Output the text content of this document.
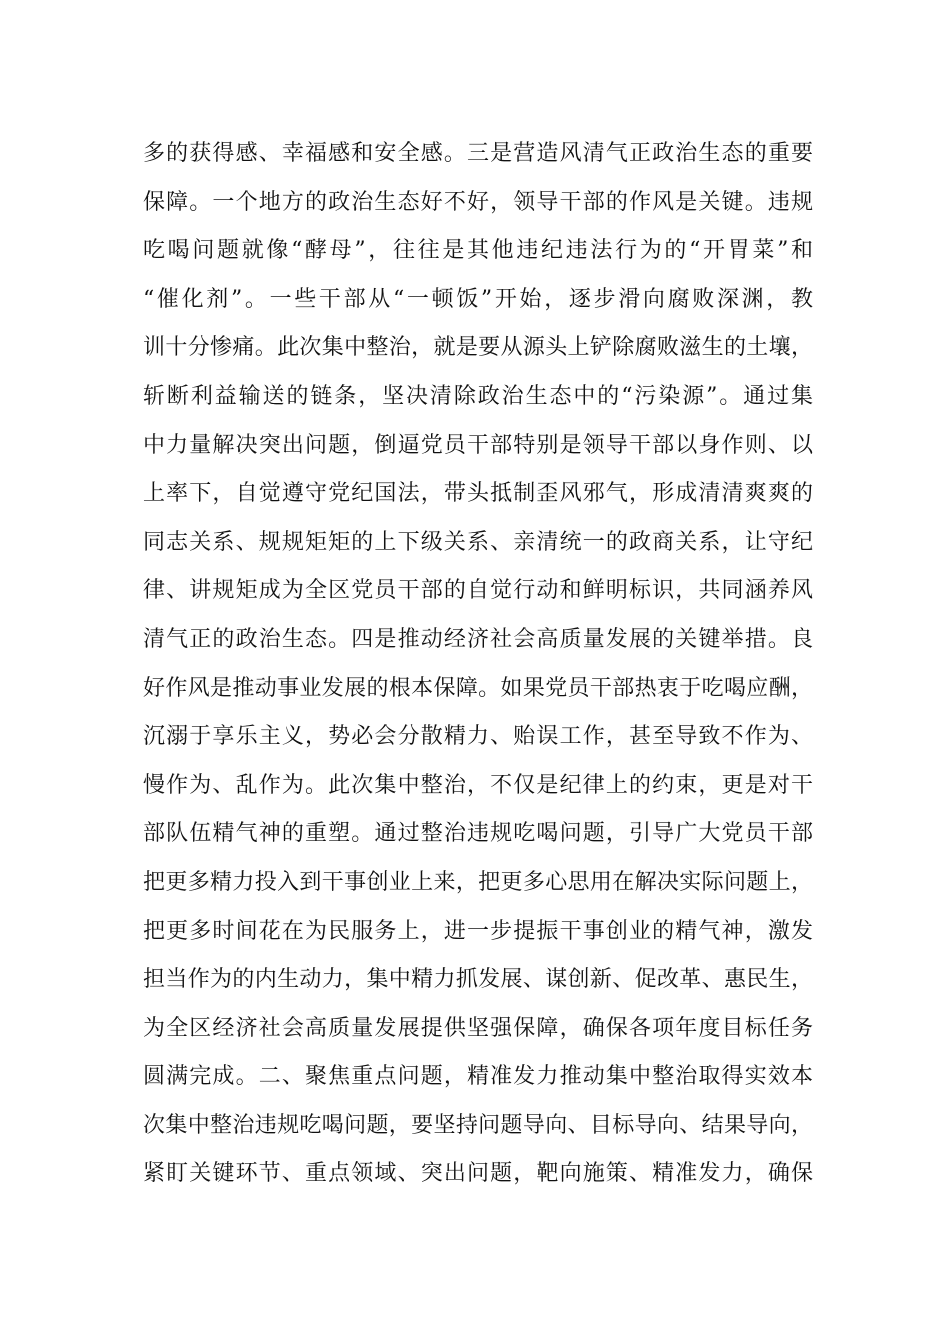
多的获得感、幸福感和安全感。三是营造风清气正政治生态的重要
保障。一个地方的政治生态好不好，领导干部的作风是关键。违规
吃喝问题就像“酵母”，往往是其他违纪违法行为的“开胃菜”和
“催化剂”。一些干部从“一顿饭”开始，逐步滑向腐败深渊，教
训十分惨痛。此次集中整治，就是要从源头上铲除腐败滋生的土壤，
斩断利益输送的链条，坚决清除政治生态中的“污染源”。通过集
中力量解决突出问题，倒逼党员干部特别是领导干部以身作则、以
上率下，自觉遵守党纪国法，带头抵制歪风邪气，形成清清爽爽的
同志关系、规规矩矩的上下级关系、亲清统一的政商关系，让守纪
律、讲规矩成为全区党员干部的自觉行动和鲜明标识，共同涵养风
清气正的政治生态。四是推动经济社会高质量发展的关键举措。良
好作风是推动事业发展的根本保障。如果党员干部热衷于吃喝应酬，
沉溺于享乐主义，势必会分散精力、贻误工作，甚至导致不作为、
慢作为、乱作为。此次集中整治，不仅是纪律上的约束，更是对干
部队伍精气神的重塑。通过整治违规吃喝问题，引导广大党员干部
把更多精力投入到干事创业上来，把更多心思用在解决实际问题上，
把更多时间花在为民服务上，进一步提振干事创业的精气神，激发
担当作为的内生动力，集中精力抓发展、谋创新、促改革、惠民生，
为全区经济社会高质量发展提供坚强保障，确保各项年度目标任务
圆满完成。二、聚焦重点问题，精准发力推动集中整治取得实效本
次集中整治违规吃喝问题，要坚持问题导向、目标导向、结果导向，
紧盯关键环节、重点领域、突出问题，靶向施策、精准发力，确保
